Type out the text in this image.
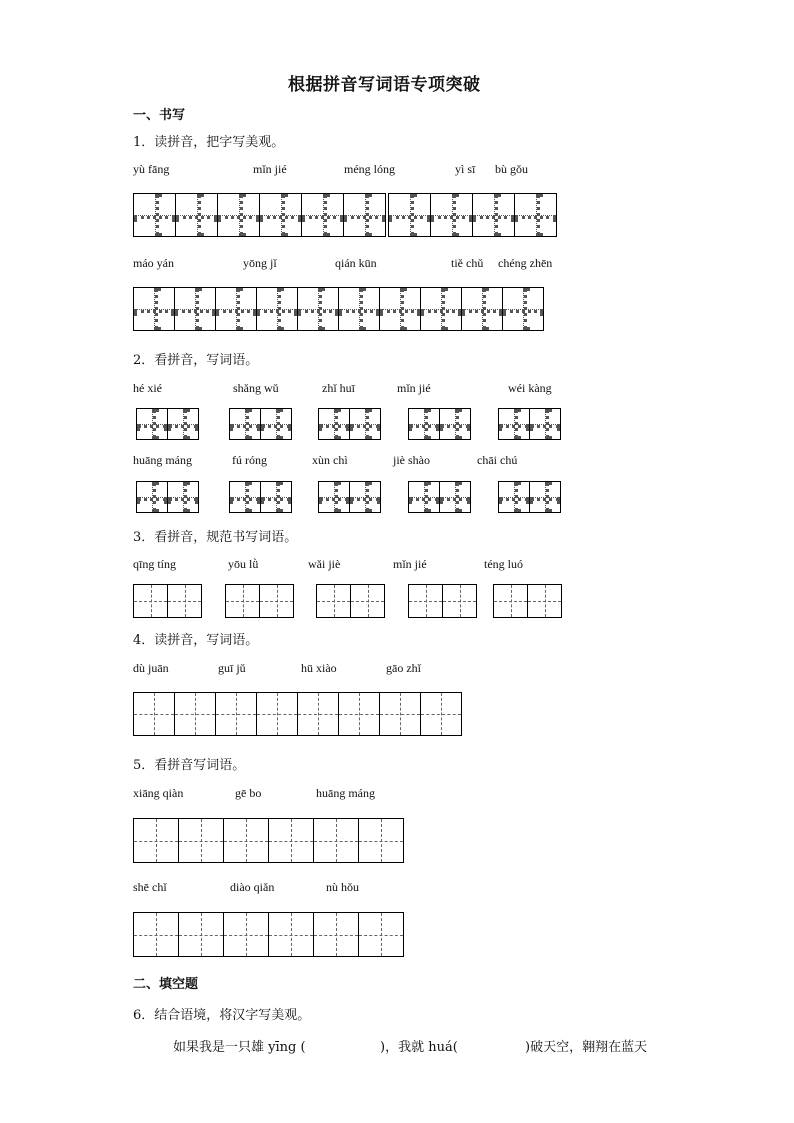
根据拼音写词语专项突破
一、书写
1．读拼音，把字写美观。
yù fāng	mǐn jié	méng lóng	yì sī bù gǒu
máo yán	yōng jǐ	qián kūn	tiě chǔ chéng zhēn
2．看拼音，写词语。
hé xié	shǎng wǔ	zhǐ huī	mǐn jié	wéi kàng
huāng máng	fú róng	xùn chì	jiè shào	chāi chú
3．看拼音，规范书写词语。
qīng tíng	yōu lǜ	wǎi jiè	mǐn jié	téng luó
4．读拼音，写词语。
dù juān	guī jǔ	hū xiào	gāo zhǐ
5．看拼音写词语。
xiāng qiàn	gē bo	huāng máng
shē chǐ	diào qiǎn	nù hǒu
二、填空题
6．结合语境，将汉字写美观。
如果我是一只雄 yīng (	)，我就 huá(	)破天空，翱翔在蓝天
